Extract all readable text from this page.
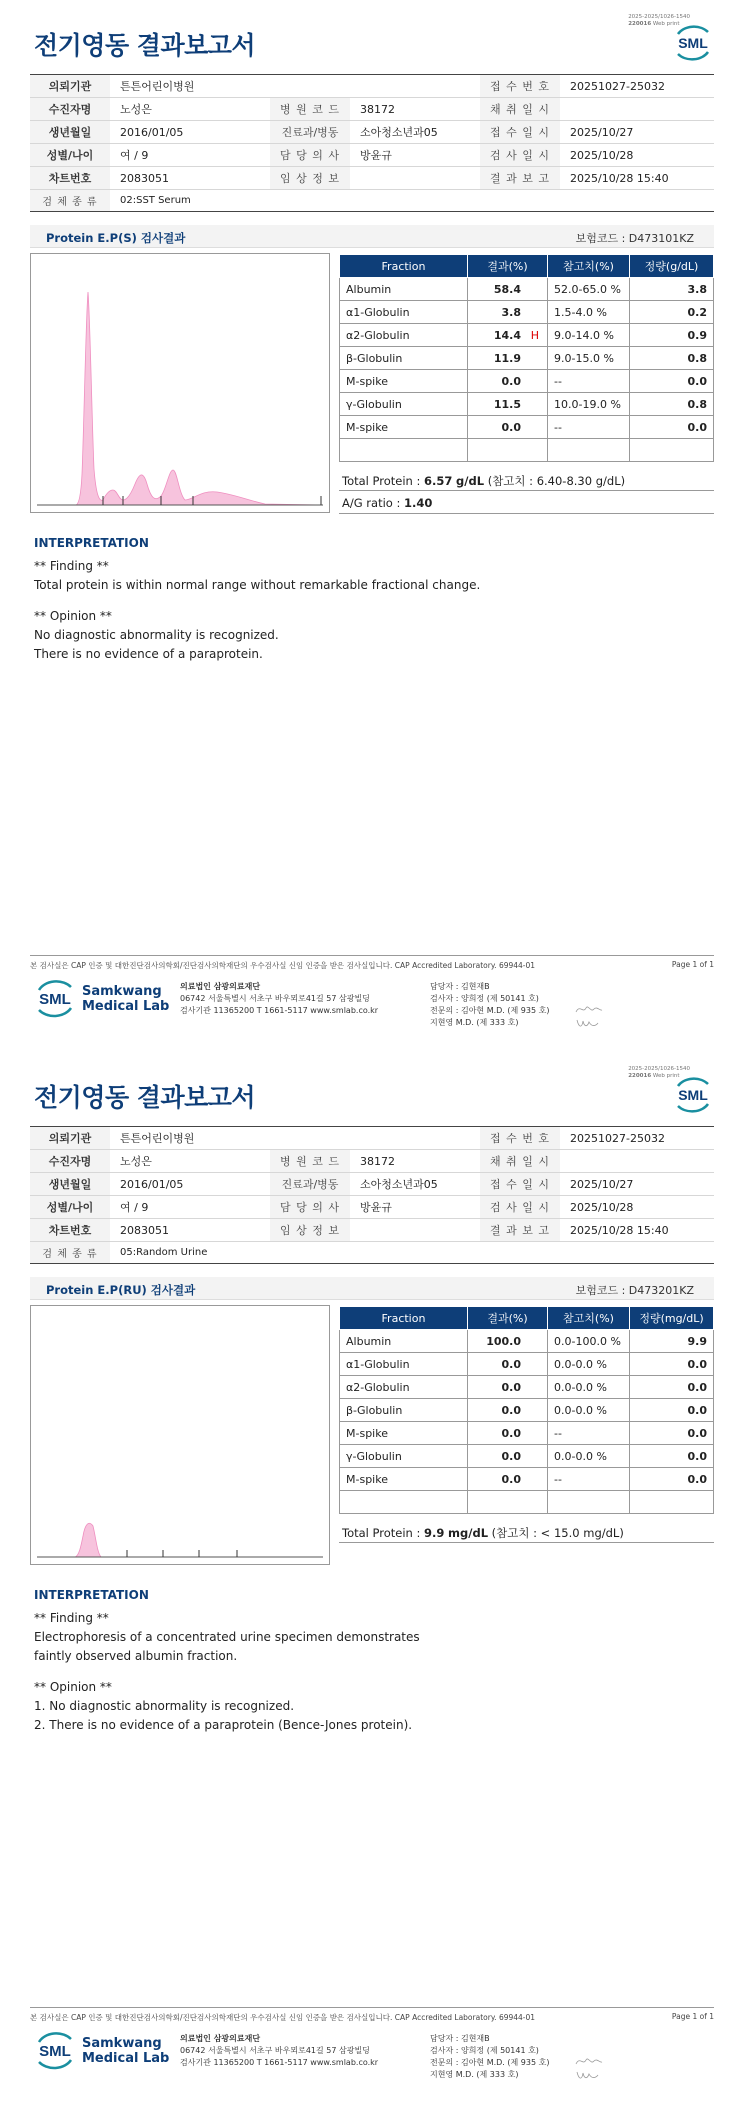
2025-2025/1026-1540
220016 Web print
전기영동 결과보고서	SML
의뢰기관	튼튼어린이병원			접 수 번 호	20251027-25032
수진자명	노성은	병 원 코 드	38172	채 취 일 시	
생년월일	2016/01/05	진료과/병동	소아청소년과05	접 수 일 시	2025/10/27
성별/나이	여 / 9	담 당 의 사	방윤규	검 사 일 시	2025/10/28
차트번호	2083051	임 상 정 보		결 과 보 고	2025/10/28 15:40
검 체 종 류	02:SST Serum				
Protein E.P(S) 검사결과	보험코드 : D473101KZ
Fraction	결과(%)	참고치(%)	정량(g/dL)
Albumin	58.4	52.0-65.0 %	3.8
α1-Globulin	3.8	1.5-4.0 %	0.2
α2-Globulin	14.4 H	9.0-14.0 %	0.9
β-Globulin	11.9	9.0-15.0 %	0.8
M-spike	0.0	--	0.0
γ-Globulin	11.5	10.0-19.0 %	0.8
M-spike	0.0	--	0.0

Total Protein : 6.57 g/dL (참고치 : 6.40-8.30 g/dL)
A/G ratio : 1.40
INTERPRETATION

** Finding **

Total protein is within normal range without remarkable fractional change.

** Opinion **

No diagnostic abnormality is recognized.

There is no evidence of a paraprotein.

본 검사실은 CAP 인증 및 대한진단검사의학회/진단검사의학재단의 우수검사실 신임 인증을 받은 검사실입니다. CAP Accredited Laboratory. 69944-01	Page 1 of 1
SML Samkwang
Medical Lab
의료법인 삼광의료재단
06742 서울특별시 서초구 바우뫼로41길 57 삼광빌딩
검사기관 11365200 T 1661-5117 www.smlab.co.kr
담당자 : 김현재B
검사자 : 양희정 (제 50141 호)
전문의 : 김아현 M.D. (제 935 호)
지현영 M.D. (제 333 호)
2025-2025/1026-1540
220016 Web print
전기영동 결과보고서	SML
의뢰기관	튼튼어린이병원			접 수 번 호	20251027-25032
수진자명	노성은	병 원 코 드	38172	채 취 일 시	
생년월일	2016/01/05	진료과/병동	소아청소년과05	접 수 일 시	2025/10/27
성별/나이	여 / 9	담 당 의 사	방윤규	검 사 일 시	2025/10/28
차트번호	2083051	임 상 정 보		결 과 보 고	2025/10/28 15:40
검 체 종 류	05:Random Urine				
Protein E.P(RU) 검사결과	보험코드 : D473201KZ
Fraction	결과(%)	참고치(%)	정량(mg/dL)
Albumin	100.0	0.0-100.0 %	9.9
α1-Globulin	0.0	0.0-0.0 %	0.0
α2-Globulin	0.0	0.0-0.0 %	0.0
β-Globulin	0.0	0.0-0.0 %	0.0
M-spike	0.0	--	0.0
γ-Globulin	0.0	0.0-0.0 %	0.0
M-spike	0.0	--	0.0

Total Protein : 9.9 mg/dL (참고치 : < 15.0 mg/dL)
INTERPRETATION

** Finding **

Electrophoresis of a concentrated urine specimen demonstrates

faintly observed albumin fraction.

** Opinion **

1. No diagnostic abnormality is recognized.

2. There is no evidence of a paraprotein (Bence-Jones protein).

본 검사실은 CAP 인증 및 대한진단검사의학회/진단검사의학재단의 우수검사실 신임 인증을 받은 검사실입니다. CAP Accredited Laboratory. 69944-01	Page 1 of 1
SML Samkwang
Medical Lab
의료법인 삼광의료재단
06742 서울특별시 서초구 바우뫼로41길 57 삼광빌딩
검사기관 11365200 T 1661-5117 www.smlab.co.kr
담당자 : 김현재B
검사자 : 양희정 (제 50141 호)
전문의 : 김아현 M.D. (제 935 호)
지현영 M.D. (제 333 호)
